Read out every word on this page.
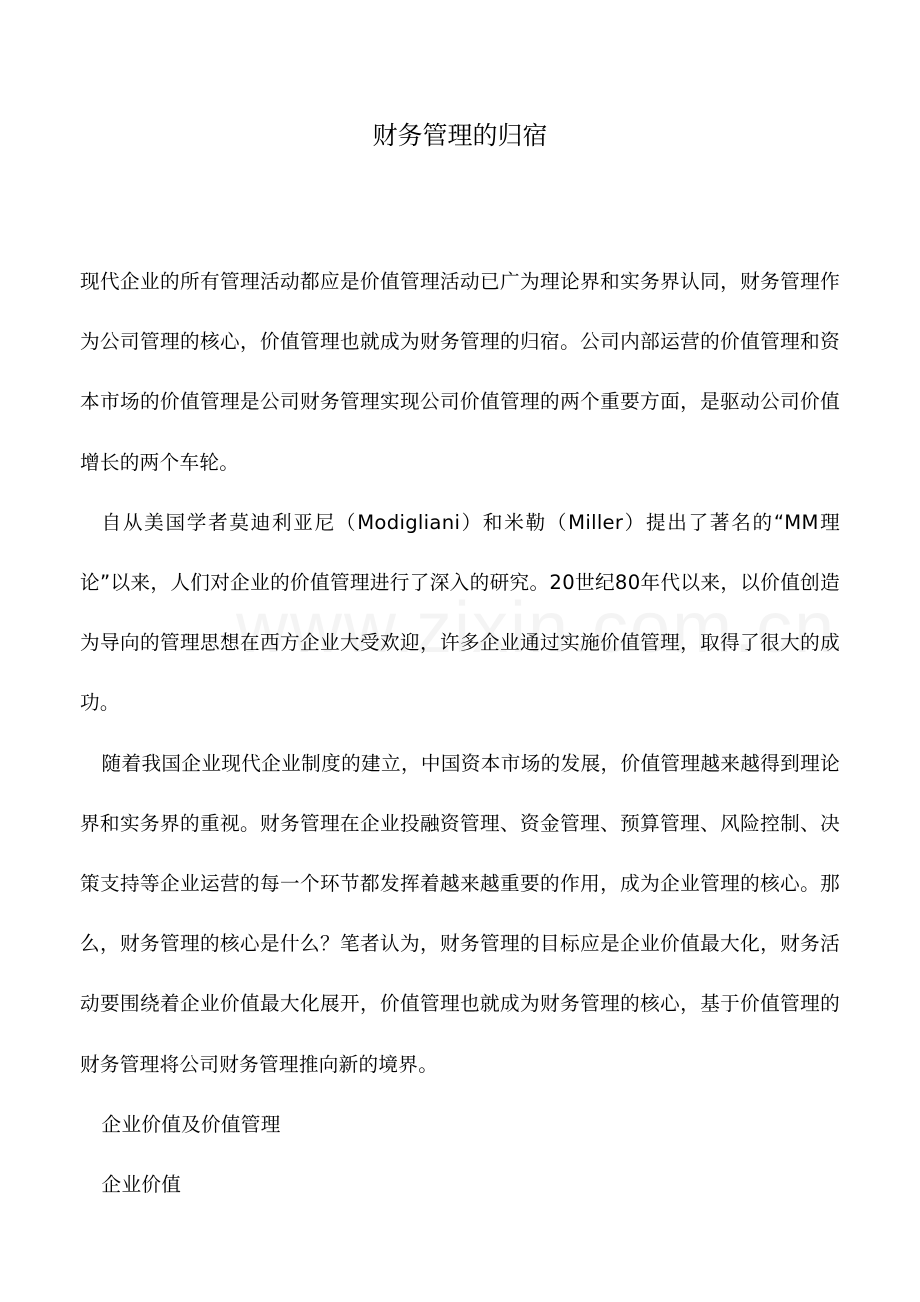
财务管理的归宿

现代企业的所有管理活动都应是价值管理活动已广为理论界和实务界认同，财务管理作为公司管理的核心，价值管理也就成为财务管理的归宿。公司内部运营的价值管理和资本市场的价值管理是公司财务管理实现公司价值管理的两个重要方面，是驱动公司价值增长的两个车轮。

自从美国学者莫迪利亚尼（Modigliani）和米勒（Miller）提出了著名的“MM理论”以来，人们对企业的价值管理进行了深入的研究。20世纪80年代以来，以价值创造为导向的管理思想在西方企业大受欢迎，许多企业通过实施价值管理，取得了很大的成功。

随着我国企业现代企业制度的建立，中国资本市场的发展，价值管理越来越得到理论界和实务界的重视。财务管理在企业投融资管理、资金管理、预算管理、风险控制、决策支持等企业运营的每一个环节都发挥着越来越重要的作用，成为企业管理的核心。那么，财务管理的核心是什么？笔者认为，财务管理的目标应是企业价值最大化，财务活动要围绕着企业价值最大化展开，价值管理也就成为财务管理的核心，基于价值管理的财务管理将公司财务管理推向新的境界。

企业价值及价值管理

企业价值
